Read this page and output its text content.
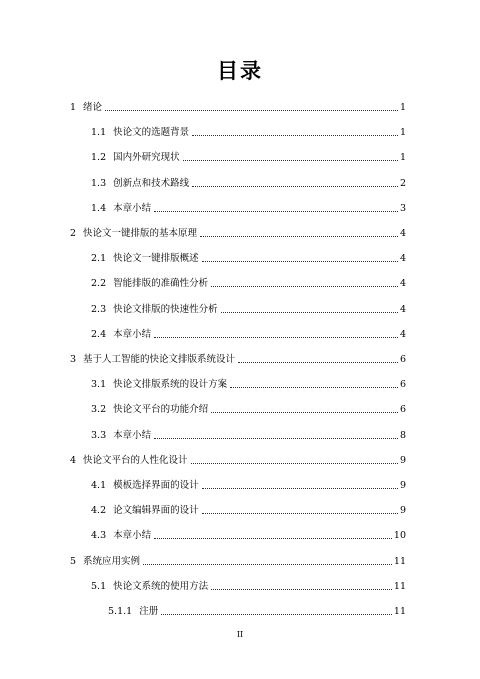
目录
1 绪论	1
1.1 快论文的选题背景	1
1.2 国内外研究现状	1
1.3 创新点和技术路线	2
1.4 本章小结	3
2 快论文一键排版的基本原理	4
2.1 快论文一键排版概述	4
2.2 智能排版的准确性分析	4
2.3 快论文排版的快速性分析	4
2.4 本章小结	4
3 基于人工智能的快论文排版系统设计	6
3.1 快论文排版系统的设计方案	6
3.2 快论文平台的功能介绍	6
3.3 本章小结	8
4 快论文平台的人性化设计	9
4.1 模板选择界面的设计	9
4.2 论文编辑界面的设计	9
4.3 本章小结	10
5 系统应用实例	11
5.1 快论文系统的使用方法	11
5.1.1 注册	11
II
